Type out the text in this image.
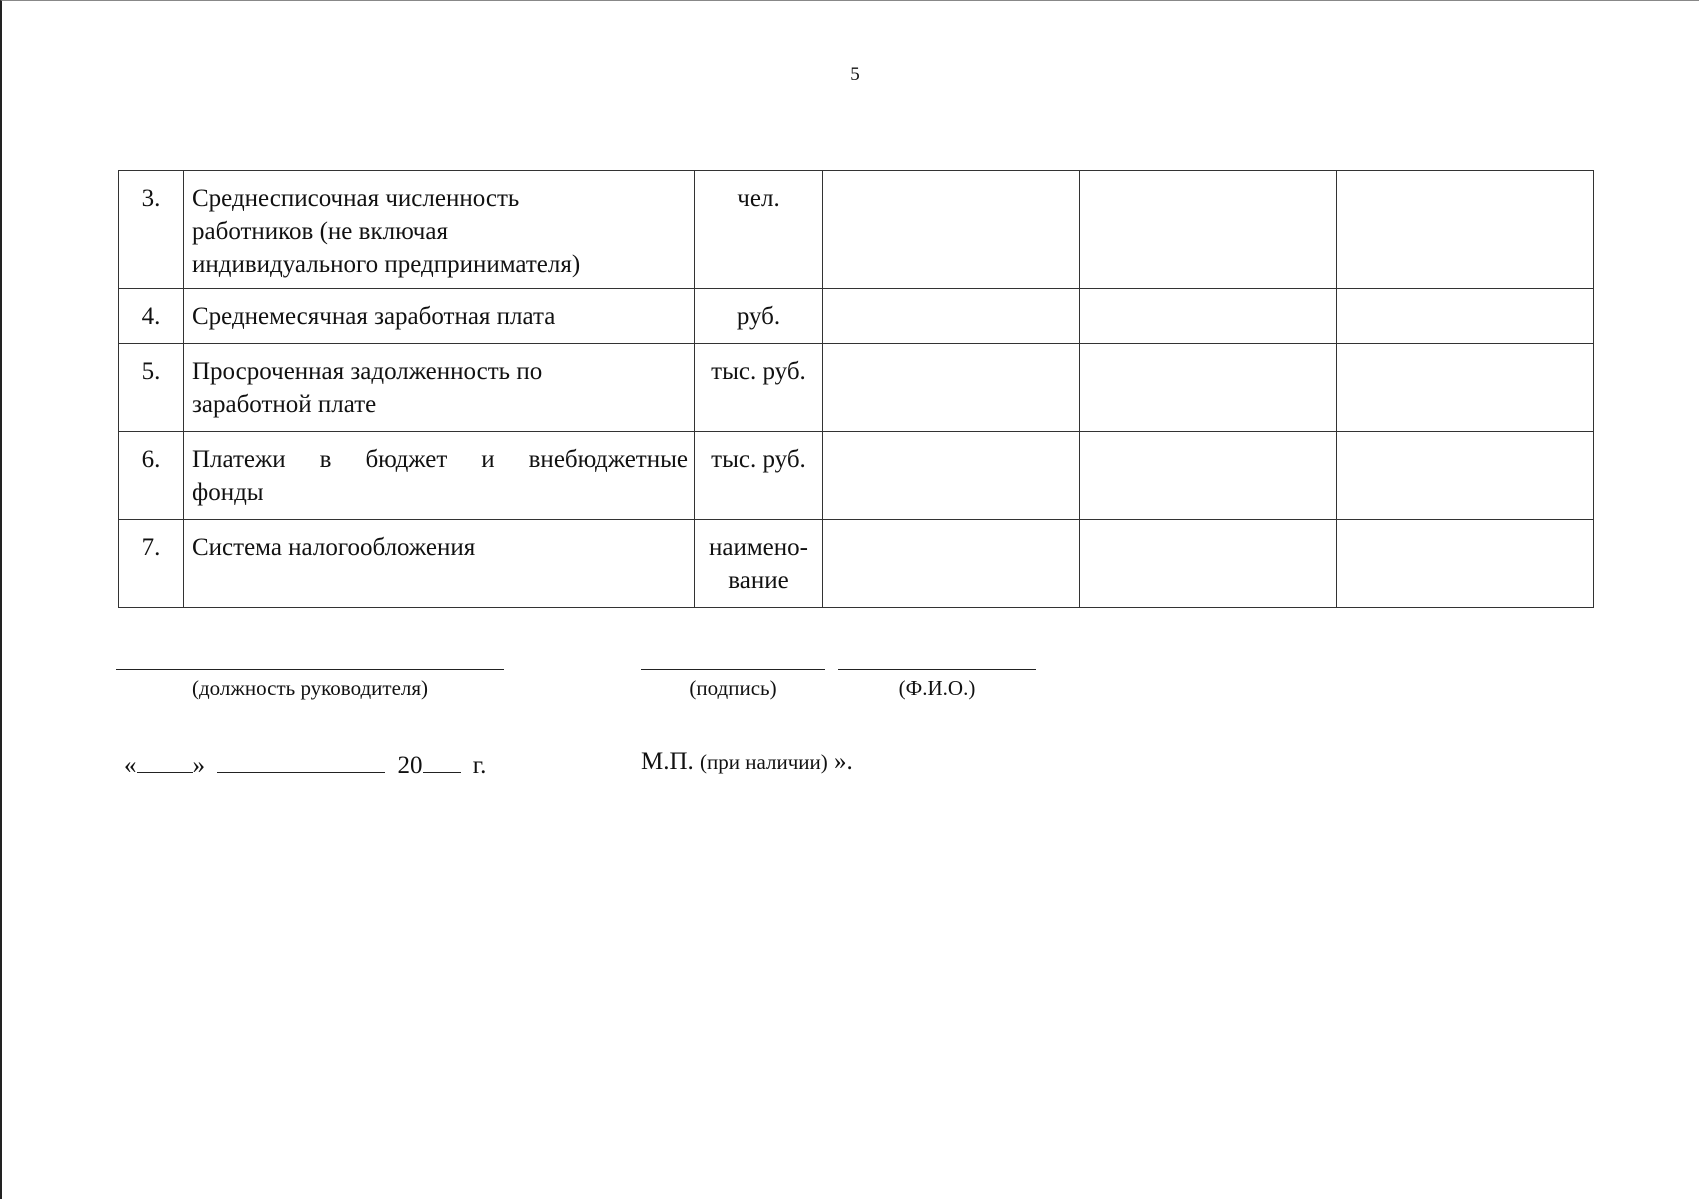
5
3.	Среднесписочная численность
работников (не включая
индивидуального предпринимателя)	чел.			

4.	Среднемесячная заработная плата	руб.			

5.	Просроченная задолженность по
заработной плате	тыс. руб.			

6.	Платежи в бюджет и внебюджетные
фонды	тыс. руб.			

7.	Система налогообложения	наимено-
вание			

(должность руководителя)	(подпись)	(Ф.И.О.)
« »	20 г.	М.П. (при наличии) ».
